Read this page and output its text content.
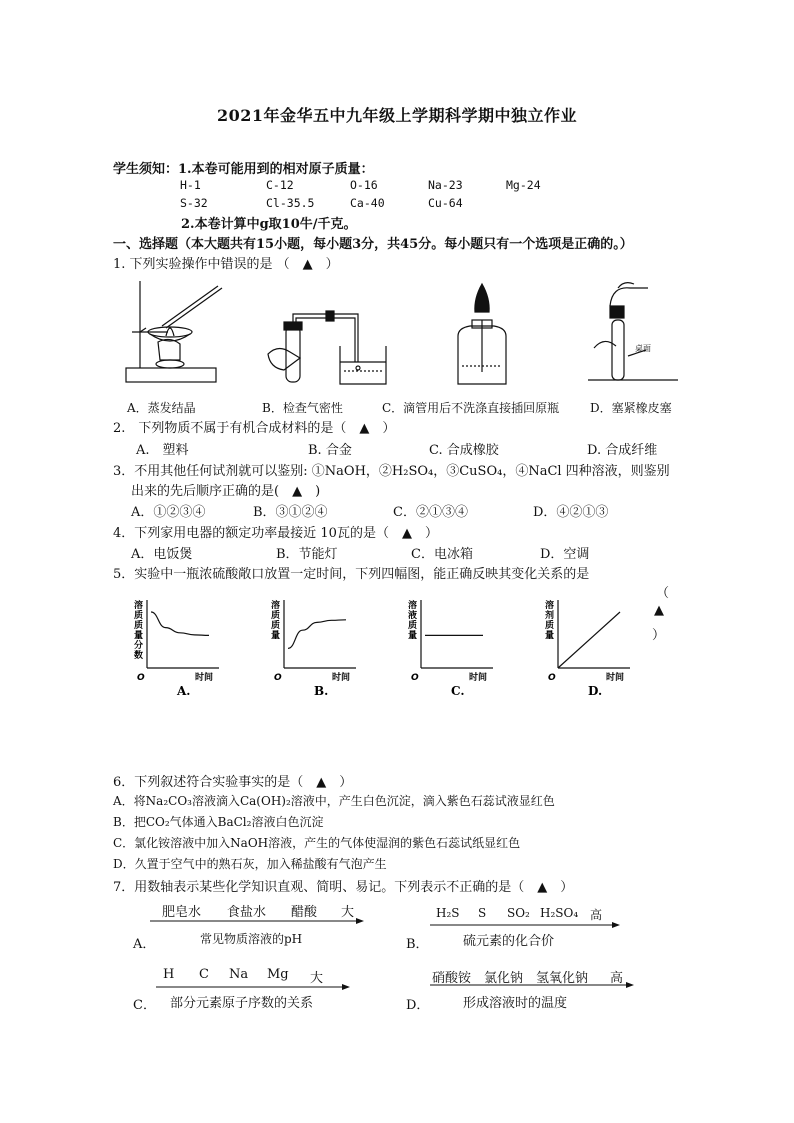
2021年金华五中九年级上学期科学期中独立作业
学生须知：1.本卷可能用到的相对原子质量：
H-1	C-12	O-16	Na-23	Mg-24
S-32	Cl-35.5	Ca-40	Cu-64
2.本卷计算中g取10牛/千克。
一、选择题（本大题共有15小题，每小题3分，共45分。每小题只有一个选项是正确的。）
1. 下列实验操作中错误的是 （　▲　）
桌面
A．蒸发结晶	B．检查气密性	C．滴管用后不洗涤直接插回原瓶	D．塞紧橡皮塞
2.　下列物质不属于有机合成材料的是（　▲　）
A.　塑料	B. 合金	C. 合成橡胶	D. 合成纤维
3．不用其他任何试剂就可以鉴别: ①NaOH，②H₂SO₄，③CuSO₄，④NaCl 四种溶液，则鉴别
出来的先后顺序正确的是(　▲　)
A．①②③④	B．③①②④	C．②①③④	D．④②①③
4．下列家用电器的额定功率最接近 10瓦的是（　▲　）
A．电饭煲	B．节能灯	C．电冰箱	D．空调
5．实验中一瓶浓硫酸敞口放置一定时间，下列四幅图，能正确反映其变化关系的是
（
▲
）
溶质质量分数
O	时间
A.
溶质质量
O	时间
B.
溶液质量
O	时间
C.
溶剂质量
O	时间
D.
6．下列叙述符合实验事实的是（　▲　）
A．将Na₂CO₃溶液滴入Ca(OH)₂溶液中，产生白色沉淀，滴入紫色石蕊试液显红色
B．把CO₂气体通入BaCl₂溶液白色沉淀
C．氯化铵溶液中加入NaOH溶液，产生的气体使湿润的紫色石蕊试纸显红色
D．久置于空气中的熟石灰，加入稀盐酸有气泡产生
7．用数轴表示某些化学知识直观、简明、易记。下列表示不正确的是（　▲　）
A．
肥皂水 食盐水 醋酸 大
常见物质溶液的pH	B．
H₂S S SO₂ H₂SO₄ 高
硫元素的化合价
C．
H C Na Mg 大
部分元素原子序数的关系	D．
硝酸铵 氯化钠 氢氧化钠 高
形成溶液时的温度
